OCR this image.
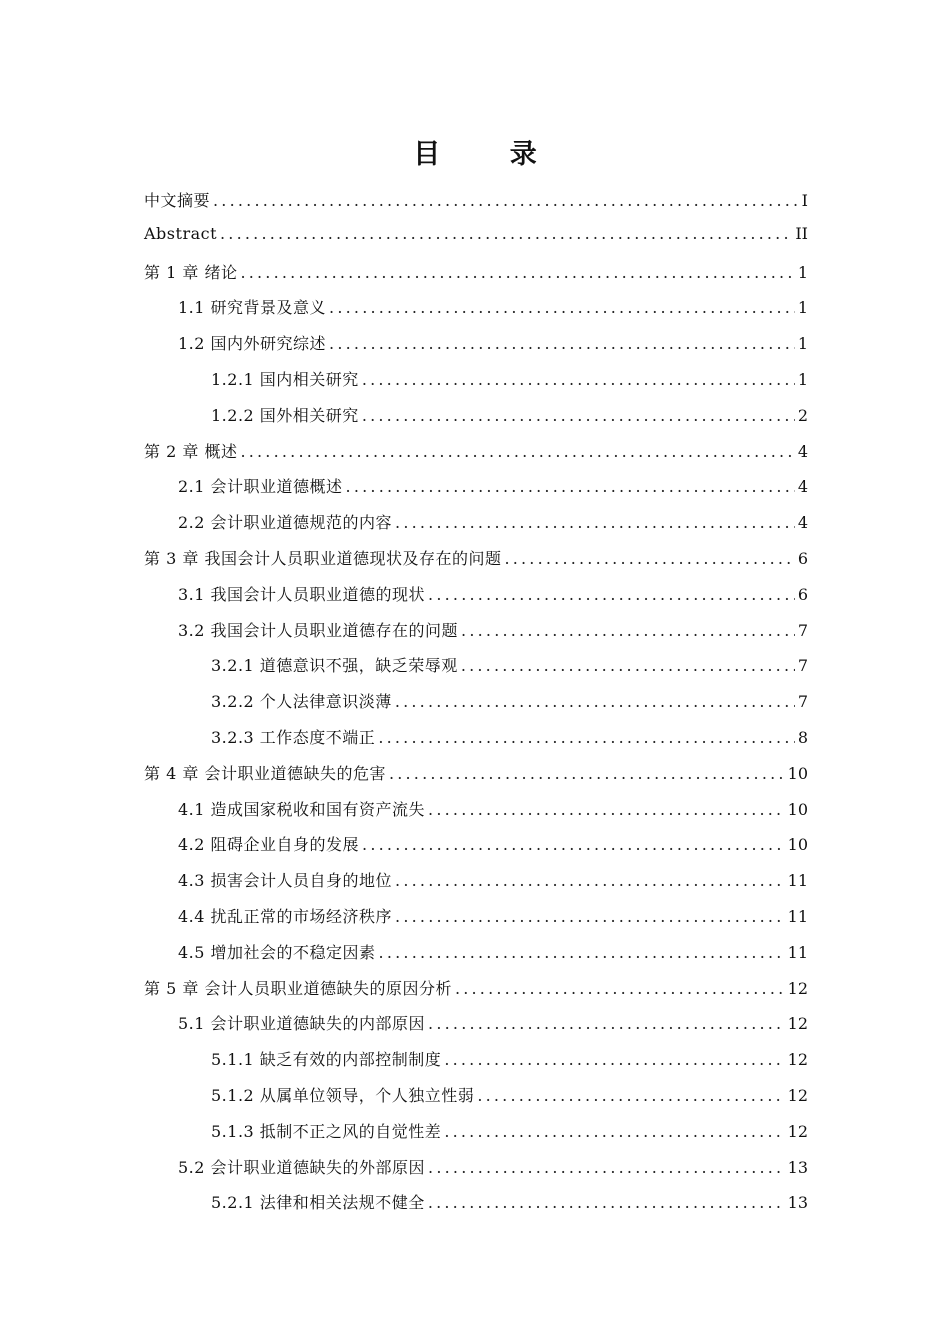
目 录
中文摘要 .....	I
Abstract .....	II
第 1 章 绪论 .....	1
1.1 研究背景及意义 .....	1
1.2 国内外研究综述 .....	1
1.2.1 国内相关研究 .....	1
1.2.2 国外相关研究 .....	2
第 2 章 概述 .....	4
2.1 会计职业道德概述 .....	4
2.2 会计职业道德规范的内容 .....	4
第 3 章 我国会计人员职业道德现状及存在的问题 .....	6
3.1 我国会计人员职业道德的现状 .....	6
3.2 我国会计人员职业道德存在的问题 .....	7
3.2.1 道德意识不强，缺乏荣辱观 .....	7
3.2.2 个人法律意识淡薄 .....	7
3.2.3 工作态度不端正 .....	8
第 4 章 会计职业道德缺失的危害 .....	10
4.1 造成国家税收和国有资产流失 .....	10
4.2 阻碍企业自身的发展 .....	10
4.3 损害会计人员自身的地位 .....	11
4.4 扰乱正常的市场经济秩序 .....	11
4.5 增加社会的不稳定因素 .....	11
第 5 章 会计人员职业道德缺失的原因分析 .....	12
5.1 会计职业道德缺失的内部原因 .....	12
5.1.1 缺乏有效的内部控制制度 .....	12
5.1.2 从属单位领导，个人独立性弱 .....	12
5.1.3 抵制不正之风的自觉性差 .....	12
5.2 会计职业道德缺失的外部原因 .....	13
5.2.1 法律和相关法规不健全 .....	13
